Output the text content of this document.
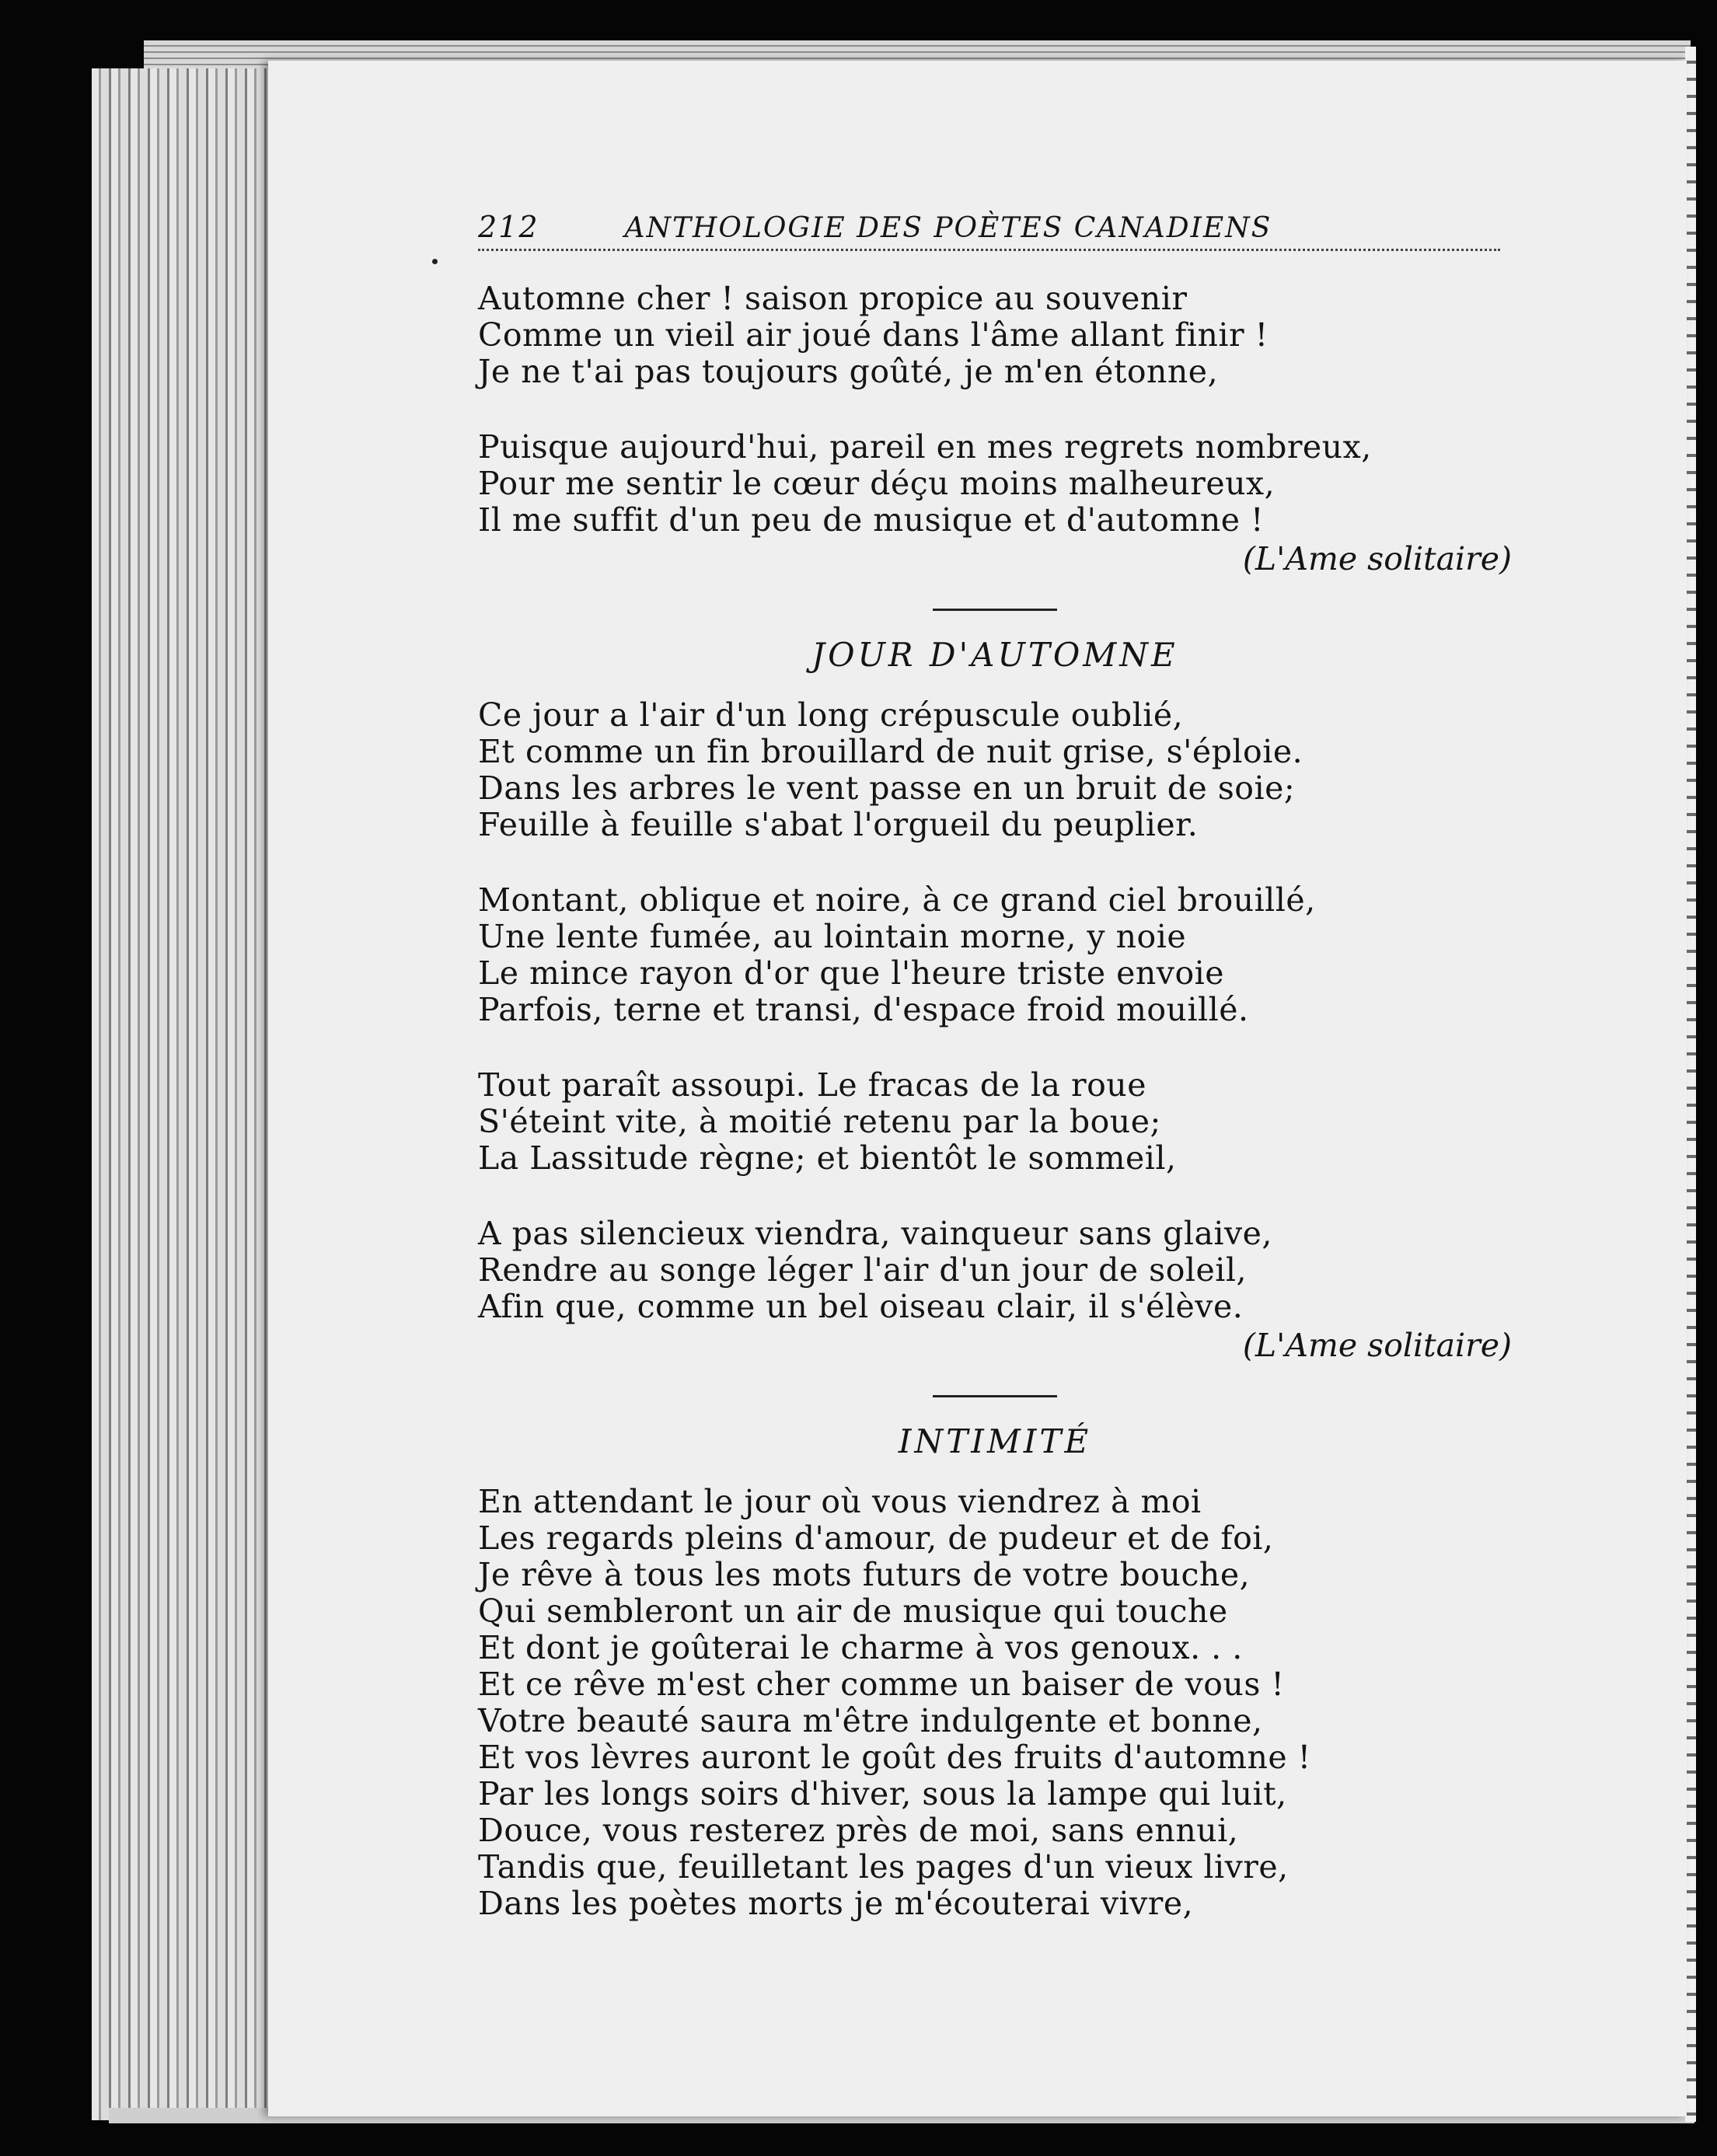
212	ANTHOLOGIE DES POÈTES CANADIENS
Automne cher ! saison propice au souvenir
Comme un vieil air joué dans l'âme allant finir !
Je ne t'ai pas toujours goûté, je m'en étonne,
Puisque aujourd'hui, pareil en mes regrets nombreux,
Pour me sentir le cœur déçu moins malheureux,
Il me suffit d'un peu de musique et d'automne !
(L'Ame solitaire)
JOUR D'AUTOMNE
Ce jour a l'air d'un long crépuscule oublié,
Et comme un fin brouillard de nuit grise, s'éploie.
Dans les arbres le vent passe en un bruit de soie;
Feuille à feuille s'abat l'orgueil du peuplier.
Montant, oblique et noire, à ce grand ciel brouillé,
Une lente fumée, au lointain morne, y noie
Le mince rayon d'or que l'heure triste envoie
Parfois, terne et transi, d'espace froid mouillé.
Tout paraît assoupi. Le fracas de la roue
S'éteint vite, à moitié retenu par la boue;
La Lassitude règne; et bientôt le sommeil,
A pas silencieux viendra, vainqueur sans glaive,
Rendre au songe léger l'air d'un jour de soleil,
Afin que, comme un bel oiseau clair, il s'élève.
(L'Ame solitaire)
INTIMITÉ
En attendant le jour où vous viendrez à moi
Les regards pleins d'amour, de pudeur et de foi,
Je rêve à tous les mots futurs de votre bouche,
Qui sembleront un air de musique qui touche
Et dont je goûterai le charme à vos genoux. . .
Et ce rêve m'est cher comme un baiser de vous !
Votre beauté saura m'être indulgente et bonne,
Et vos lèvres auront le goût des fruits d'automne !
Par les longs soirs d'hiver, sous la lampe qui luit,
Douce, vous resterez près de moi, sans ennui,
Tandis que, feuilletant les pages d'un vieux livre,
Dans les poètes morts je m'écouterai vivre,
